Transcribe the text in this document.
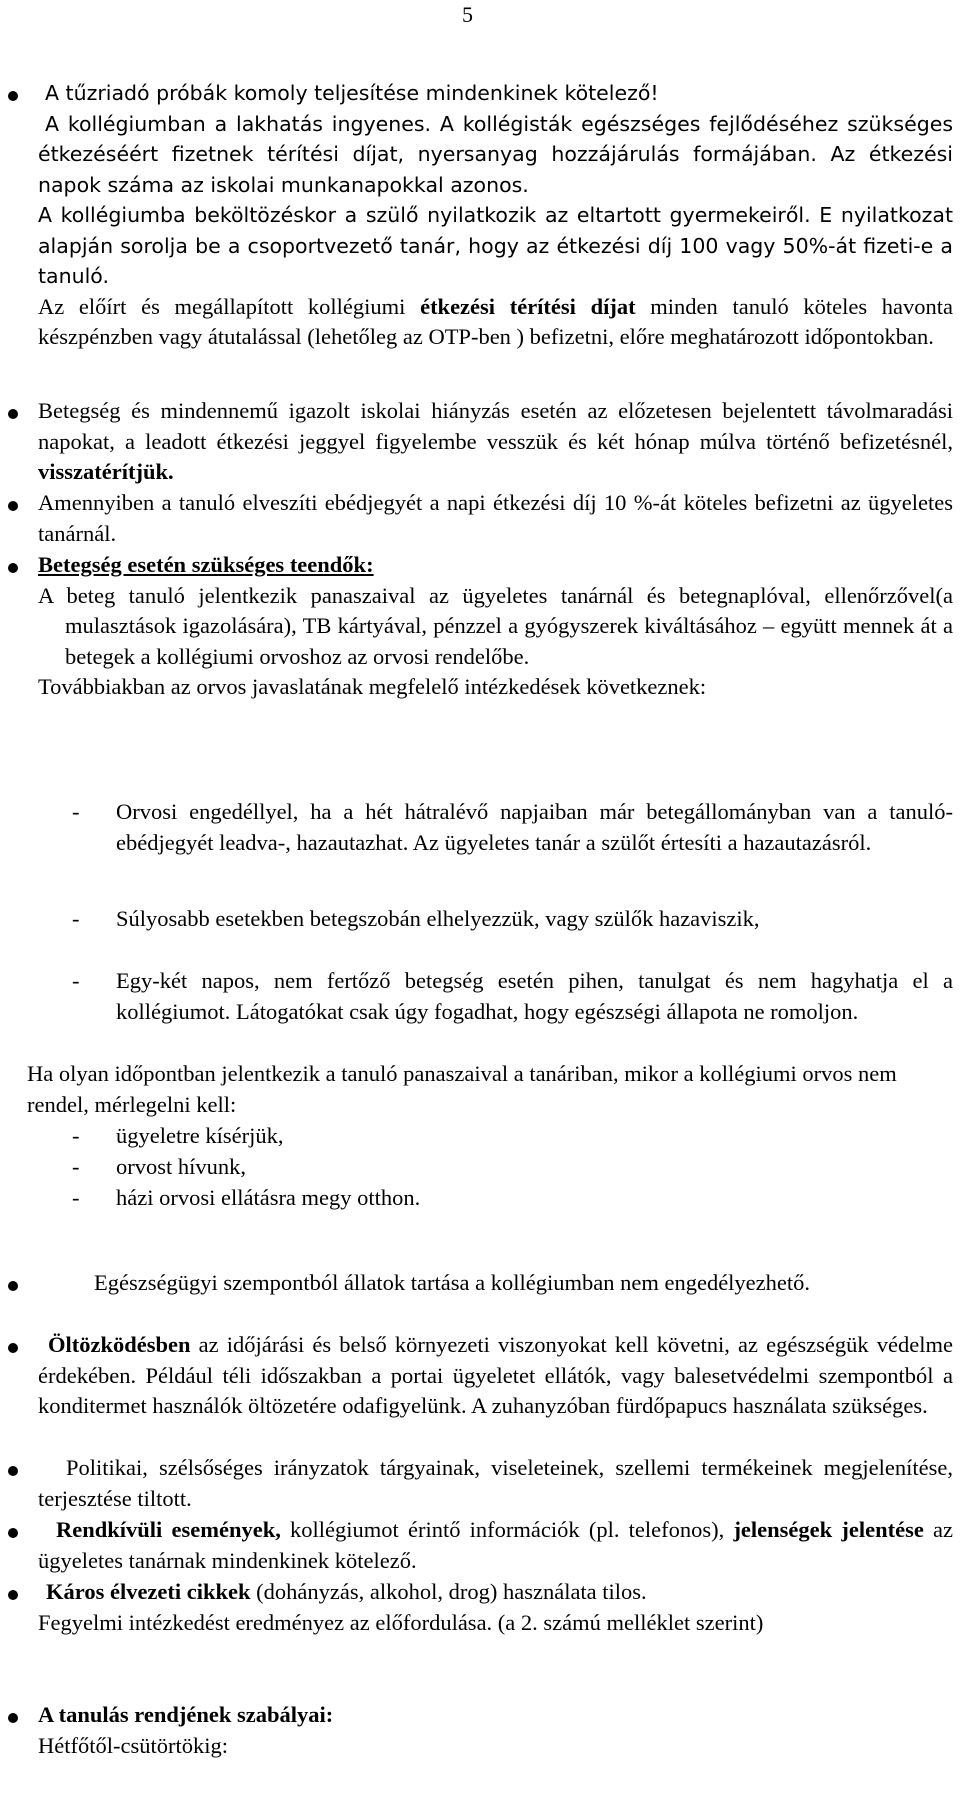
5

A tűzriadó próbák komoly teljesítése mindenkinek kötelező!

A kollégiumban a lakhatás ingyenes. A kollégisták egészséges fejlődéséhez szükséges étkezéséért fizetnek térítési díjat, nyersanyag hozzájárulás formájában. Az étkezési napok száma az iskolai munkanapokkal azonos.

A kollégiumba beköltözéskor a szülő nyilatkozik az eltartott gyermekeiről. E nyilatkozat alapján sorolja be a csoportvezető tanár, hogy az étkezési díj 100 vagy 50%-át fizeti-e a tanuló.

Az előírt és megállapított kollégiumi étkezési térítési díjat minden tanuló köteles havonta készpénzben vagy átutalással (lehetőleg az OTP-ben ) befizetni, előre meghatározott időpontokban.

Betegség és mindennemű igazolt iskolai hiányzás esetén az előzetesen bejelentett távolmaradási napokat, a leadott étkezési jeggyel figyelembe vesszük és két hónap múlva történő befizetésnél, visszatérítjük.

Amennyiben a tanuló elveszíti ebédjegyét a napi étkezési díj 10 %-át köteles befizetni az ügyeletes tanárnál.

Betegség esetén szükséges teendők:

A beteg tanuló jelentkezik panaszaival az ügyeletes tanárnál és betegnaplóval, ellenőrzővel(a mulasztások igazolására), TB kártyával, pénzzel a gyógyszerek kiváltásához – együtt mennek át a betegek a kollégiumi orvoshoz az orvosi rendelőbe.

Továbbiakban az orvos javaslatának megfelelő intézkedések következnek:

- Orvosi engedéllyel, ha a hét hátralévő napjaiban már betegállományban van a tanuló- ebédjegyét leadva-, hazautazhat. Az ügyeletes tanár a szülőt értesíti a hazautazásról.

- Súlyosabb esetekben betegszobán elhelyezzük, vagy szülők hazaviszik,

- Egy-két napos, nem fertőző betegség esetén pihen, tanulgat és nem hagyhatja el a kollégiumot. Látogatókat csak úgy fogadhat, hogy egészségi állapota ne romoljon.

Ha olyan időpontban jelentkezik a tanuló panaszaival a tanáriban, mikor a kollégiumi orvos nem rendel, mérlegelni kell:

- ügyeletre kísérjük,

- orvost hívunk,

- házi orvosi ellátásra megy otthon.

Egészségügyi szempontból állatok tartása a kollégiumban nem engedélyezhető.

Öltözködésben az időjárási és belső környezeti viszonyokat kell követni, az egészségük védelme érdekében. Például téli időszakban a portai ügyeletet ellátók, vagy balesetvédelmi szempontból a konditermet használók öltözetére odafigyelünk. A zuhanyzóban fürdőpapucs használata szükséges.

Politikai, szélsőséges irányzatok tárgyainak, viseleteinek, szellemi termékeinek megjelenítése, terjesztése tiltott.

Rendkívüli események, kollégiumot érintő információk (pl. telefonos), jelenségek jelentése az ügyeletes tanárnak mindenkinek kötelező.

Káros élvezeti cikkek (dohányzás, alkohol, drog) használata tilos.

Fegyelmi intézkedést eredményez az előfordulása. (a 2. számú melléklet szerint)

A tanulás rendjének szabályai:

Hétfőtől-csütörtökig:
